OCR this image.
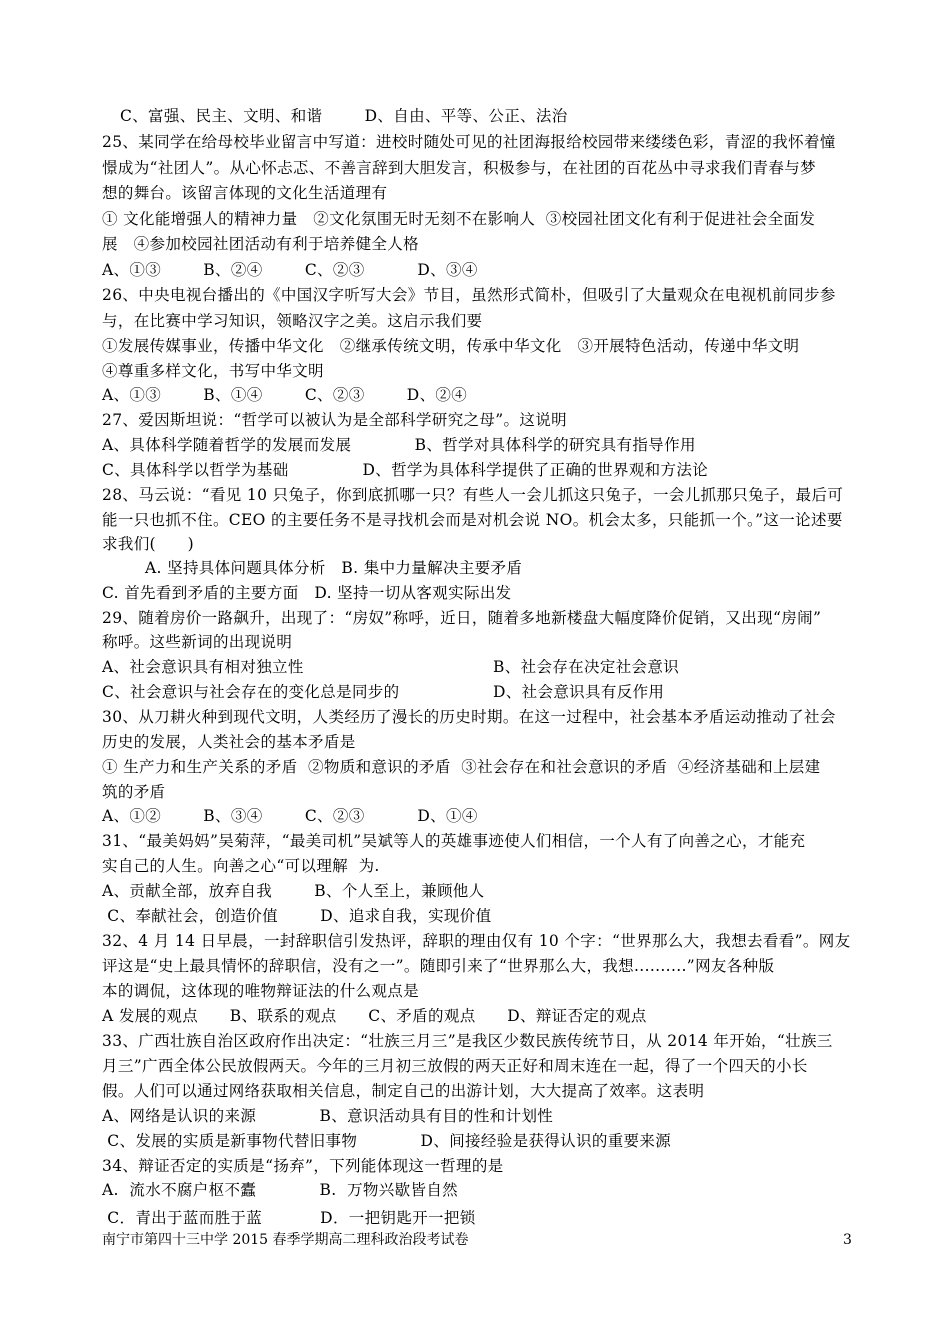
C、富强、民主、文明、和谐        D、自由、平等、公正、法治
25、某同学在给母校毕业留言中写道：进校时随处可见的社团海报给校园带来缕缕色彩，青涩的我怀着憧
憬成为“社团人”。从心怀忐忑、不善言辞到大胆发言，积极参与，在社团的百花丛中寻求我们青春与梦
想的舞台。该留言体现的文化生活道理有
① 文化能增强人的精神力量   ②文化氛围无时无刻不在影响人  ③校园社团文化有利于促进社会全面发
展   ④参加校园社团活动有利于培养健全人格
A、①③        B、②④        C、②③          D、③④
26、中央电视台播出的《中国汉字听写大会》节目，虽然形式简朴，但吸引了大量观众在电视机前同步参
与，在比赛中学习知识，领略汉字之美。这启示我们要
①发展传媒事业，传播中华文化   ②继承传统文明，传承中华文化   ③开展特色活动，传递中华文明
④尊重多样文化，书写中华文明
A、①③        B、①④        C、②③        D、②④
27、爱因斯坦说：“哲学可以被认为是全部科学研究之母”。这说明
A、具体科学随着哲学的发展而发展            B、哲学对具体科学的研究具有指导作用
C、具体科学以哲学为基础              D、哲学为具体科学提供了正确的世界观和方法论
28、马云说：“看见 10 只兔子，你到底抓哪一只？有些人一会儿抓这只兔子，一会儿抓那只兔子，最后可
能一只也抓不住。CEO 的主要任务不是寻找机会而是对机会说 NO。机会太多，只能抓一个。”这一论述要
求我们(      )
A. 坚持具体问题具体分析   B. 集中力量解决主要矛盾
C. 首先看到矛盾的主要方面   D. 坚持一切从客观实际出发
29、随着房价一路飙升，出现了：“房奴”称呼，近日，随着多地新楼盘大幅度降价促销，又出现“房闹”
称呼。这些新词的出现说明
A、社会意识具有相对独立性	B、社会存在决定社会意识
C、社会意识与社会存在的变化总是同步的	D、社会意识具有反作用
30、从刀耕火种到现代文明，人类经历了漫长的历史时期。在这一过程中，社会基本矛盾运动推动了社会
历史的发展，人类社会的基本矛盾是
① 生产力和生产关系的矛盾  ②物质和意识的矛盾  ③社会存在和社会意识的矛盾  ④经济基础和上层建
筑的矛盾
A、①②        B、③④        C、②③          D、①④
31、“最美妈妈”吴菊萍，“最美司机”吴斌等人的英雄事迹使人们相信，一个人有了向善之心，才能充
实自己的人生。向善之心“可以理解  为.
A、贡献全部，放弃自我        B、个人至上，兼顾他人
C、奉献社会，创造价值        D、追求自我，实现价值
32、4 月 14 日早晨，一封辞职信引发热评，辞职的理由仅有 10 个字：“世界那么大，我想去看看”。网友
评这是“史上最具情怀的辞职信，没有之一”。随即引来了“世界那么大，我想..........”网友各种版
本的调侃，这体现的唯物辩证法的什么观点是
A 发展的观点      B、联系的观点      C、矛盾的观点      D、辩证否定的观点
33、广西壮族自治区政府作出决定：“壮族三月三”是我区少数民族传统节日，从 2014 年开始，“壮族三
月三”广西全体公民放假两天。今年的三月初三放假的两天正好和周末连在一起，得了一个四天的小长
假。人们可以通过网络获取相关信息，制定自己的出游计划，大大提高了效率。这表明
A、网络是认识的来源            B、意识活动具有目的性和计划性
C、发展的实质是新事物代替旧事物            D、间接经验是获得认识的重要来源
34、辩证否定的实质是“扬弃”，下列能体现这一哲理的是
A.  流水不腐户枢不蠹            B.  万物兴歇皆自然
C．青出于蓝而胜于蓝           D．一把钥匙开一把锁
南宁市第四十三中学 2015 春季学期高二理科政治段考试卷	3
